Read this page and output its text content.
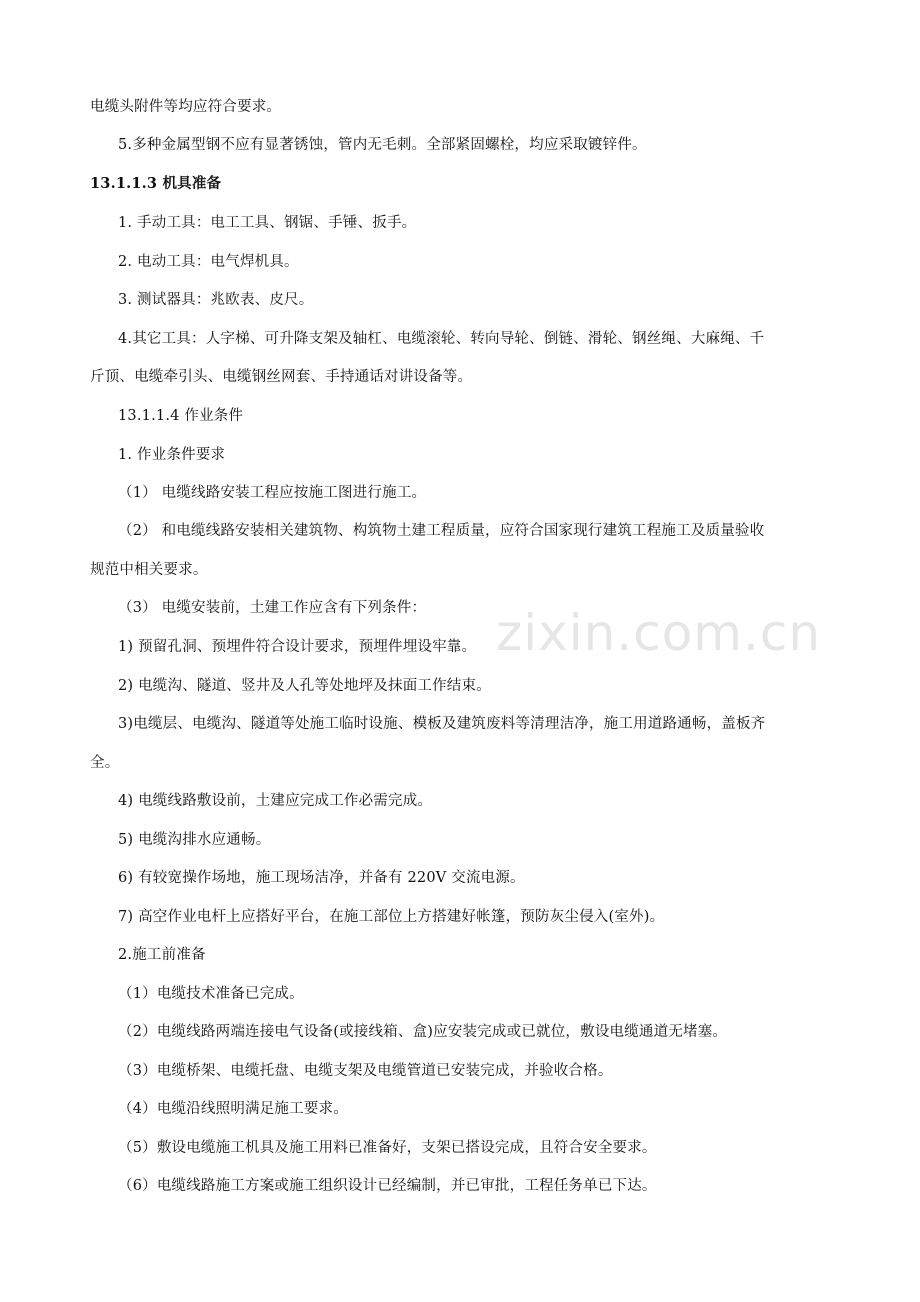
zixin.com.cn
电缆头附件等均应符合要求。
5.多种金属型钢不应有显著锈蚀，管内无毛刺。全部紧固螺栓，均应采取镀锌件。
13.1.1.3 机具准备
1. 手动工具：电工工具、钢锯、手锤、扳手。
2. 电动工具：电气焊机具。
3. 测试器具：兆欧表、皮尺。
4.其它工具：人字梯、可升降支架及轴杠、电缆滚轮、转向导轮、倒链、滑轮、钢丝绳、大麻绳、千
斤顶、电缆牵引头、电缆钢丝网套、手持通话对讲设备等。
13.1.1.4 作业条件
1. 作业条件要求
（1） 电缆线路安装工程应按施工图进行施工。
（2） 和电缆线路安装相关建筑物、构筑物土建工程质量，应符合国家现行建筑工程施工及质量验收
规范中相关要求。
（3） 电缆安装前，土建工作应含有下列条件：
1) 预留孔洞、预埋件符合设计要求，预埋件埋设牢靠。
2) 电缆沟、隧道、竖井及人孔等处地坪及抹面工作结束。
3)电缆层、电缆沟、隧道等处施工临时设施、模板及建筑废料等清理洁净，施工用道路通畅，盖板齐
全。
4) 电缆线路敷设前，土建应完成工作必需完成。
5) 电缆沟排水应通畅。
6) 有较宽操作场地，施工现场洁净，并备有 220V 交流电源。
7) 高空作业电杆上应搭好平台，在施工部位上方搭建好帐篷，预防灰尘侵入(室外)。
2.施工前准备
（1）电缆技术准备已完成。
（2）电缆线路两端连接电气设备(或接线箱、盒)应安装完成或已就位，敷设电缆通道无堵塞。
（3）电缆桥架、电缆托盘、电缆支架及电缆管道已安装完成，并验收合格。
（4）电缆沿线照明满足施工要求。
（5）敷设电缆施工机具及施工用料已准备好，支架已搭设完成，且符合安全要求。
（6）电缆线路施工方案或施工组织设计已经编制，并已审批，工程任务单已下达。
